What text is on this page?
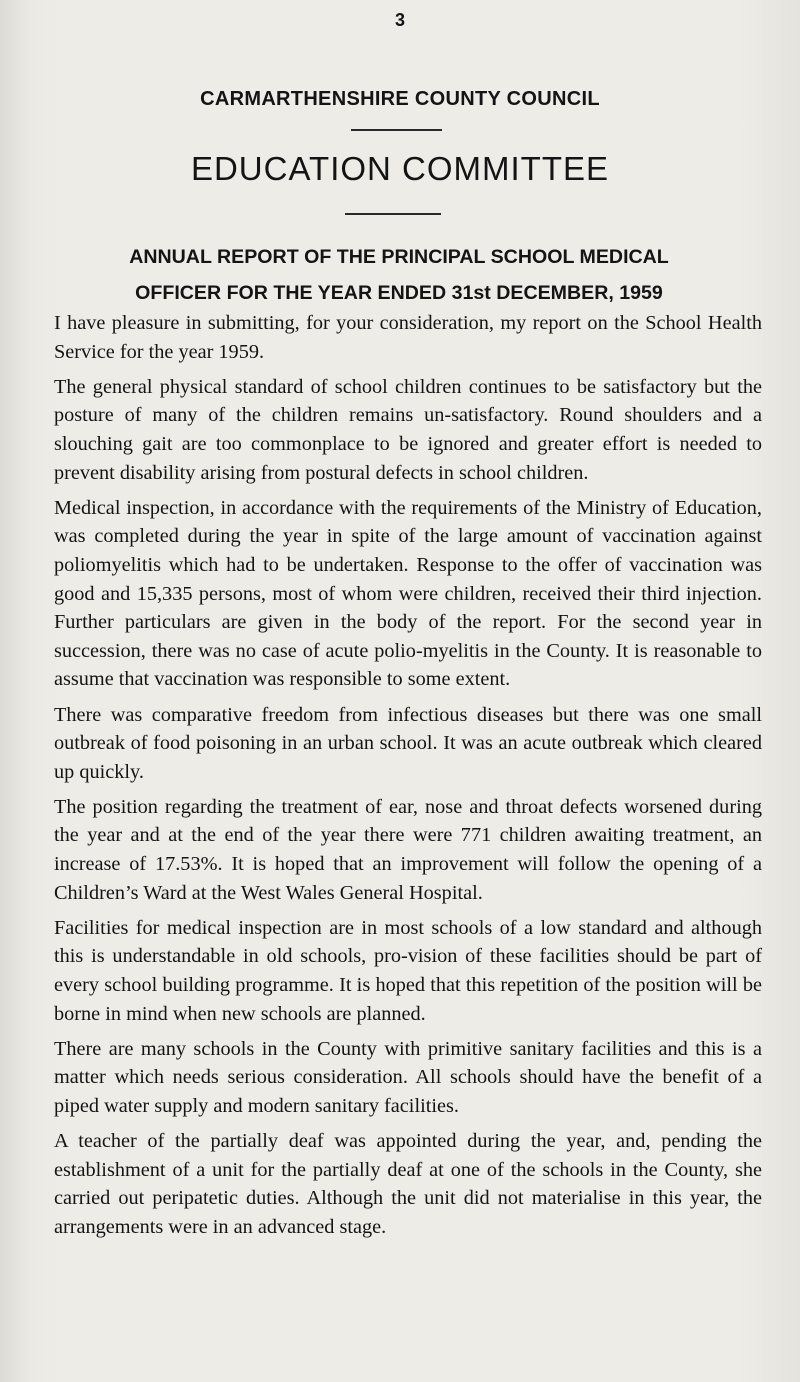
3
CARMARTHENSHIRE COUNTY COUNCIL
EDUCATION COMMITTEE
ANNUAL REPORT OF THE PRINCIPAL SCHOOL MEDICAL
OFFICER FOR THE YEAR ENDED 31st DECEMBER, 1959

I have pleasure in submitting, for your consideration, my report on the School Health Service for the year 1959.

The general physical standard of school children continues to be satisfactory but the posture of many of the children remains un-satisfactory. Round shoulders and a slouching gait are too commonplace to be ignored and greater effort is needed to prevent disability arising from postural defects in school children.

Medical inspection, in accordance with the requirements of the Ministry of Education, was completed during the year in spite of the large amount of vaccination against poliomyelitis which had to be undertaken. Response to the offer of vaccination was good and 15,335 persons, most of whom were children, received their third injection. Further particulars are given in the body of the report. For the second year in succession, there was no case of acute polio-myelitis in the County. It is reasonable to assume that vaccination was responsible to some extent.

There was comparative freedom from infectious diseases but there was one small outbreak of food poisoning in an urban school. It was an acute outbreak which cleared up quickly.

The position regarding the treatment of ear, nose and throat defects worsened during the year and at the end of the year there were 771 children awaiting treatment, an increase of 17.53%. It is hoped that an improvement will follow the opening of a Children’s Ward at the West Wales General Hospital.

Facilities for medical inspection are in most schools of a low standard and although this is understandable in old schools, pro-vision of these facilities should be part of every school building programme. It is hoped that this repetition of the position will be borne in mind when new schools are planned.

There are many schools in the County with primitive sanitary facilities and this is a matter which needs serious consideration. All schools should have the benefit of a piped water supply and modern sanitary facilities.

A teacher of the partially deaf was appointed during the year, and, pending the establishment of a unit for the partially deaf at one of the schools in the County, she carried out peripatetic duties. Although the unit did not materialise in this year, the arrangements were in an advanced stage.
